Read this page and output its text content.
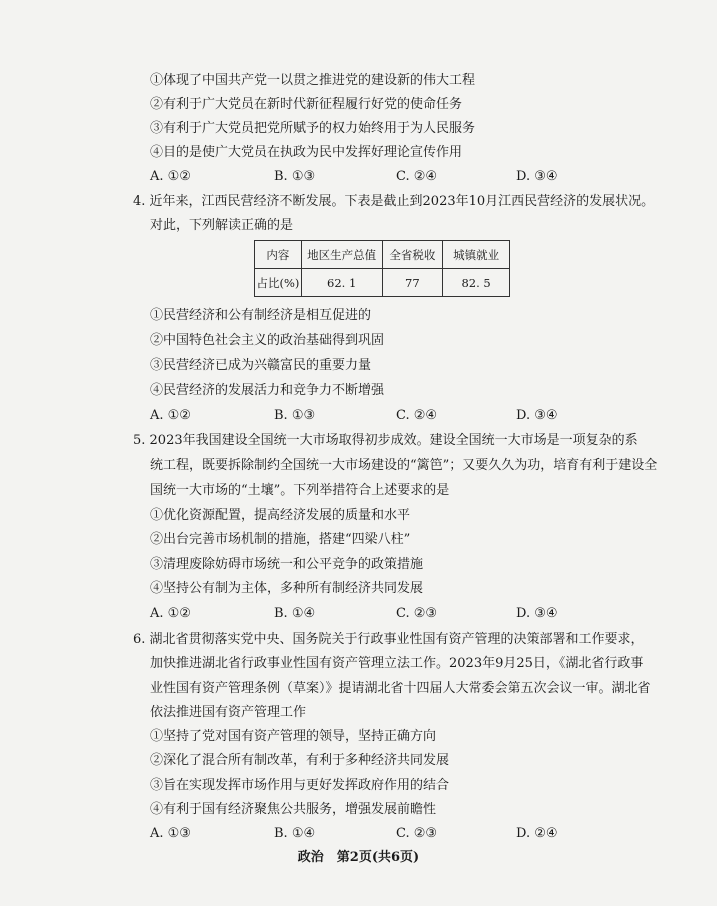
①体现了中国共产党一以贯之推进党的建设新的伟大工程
②有利于广大党员在新时代新征程履行好党的使命任务
③有利于广大党员把党所赋予的权力始终用于为人民服务
④目的是使广大党员在执政为民中发挥好理论宣传作用
A. ①②	B. ①③	C. ②④	D. ③④
4. 近年来，江西民营经济不断发展。下表是截止到2023年10月江西民营经济的发展状况。
对此，下列解读正确的是
内容	地区生产总值	全省税收	城镇就业
占比(%)	62. 1	77	82. 5
①民营经济和公有制经济是相互促进的
②中国特色社会主义的政治基础得到巩固
③民营经济已成为兴赣富民的重要力量
④民营经济的发展活力和竞争力不断增强
A. ①②	B. ①③	C. ②④	D. ③④
5. 2023年我国建设全国统一大市场取得初步成效。建设全国统一大市场是一项复杂的系
统工程，既要拆除制约全国统一大市场建设的“篱笆”；又要久久为功，培育有利于建设全
国统一大市场的“土壤”。下列举措符合上述要求的是
①优化资源配置，提高经济发展的质量和水平
②出台完善市场机制的措施，搭建“四梁八柱”
③清理废除妨碍市场统一和公平竞争的政策措施
④坚持公有制为主体，多种所有制经济共同发展
A. ①②	B. ①④	C. ②③	D. ③④
6. 湖北省贯彻落实党中央、国务院关于行政事业性国有资产管理的决策部署和工作要求，
加快推进湖北省行政事业性国有资产管理立法工作。2023年9月25日，《湖北省行政事
业性国有资产管理条例（草案）》提请湖北省十四届人大常委会第五次会议一审。湖北省
依法推进国有资产管理工作
①坚持了党对国有资产管理的领导，坚持正确方向
②深化了混合所有制改革，有利于多种经济共同发展
③旨在实现发挥市场作用与更好发挥政府作用的结合
④有利于国有经济聚焦公共服务，增强发展前瞻性
A. ①③	B. ①④	C. ②③	D. ②④
政治　第2页(共6页)
